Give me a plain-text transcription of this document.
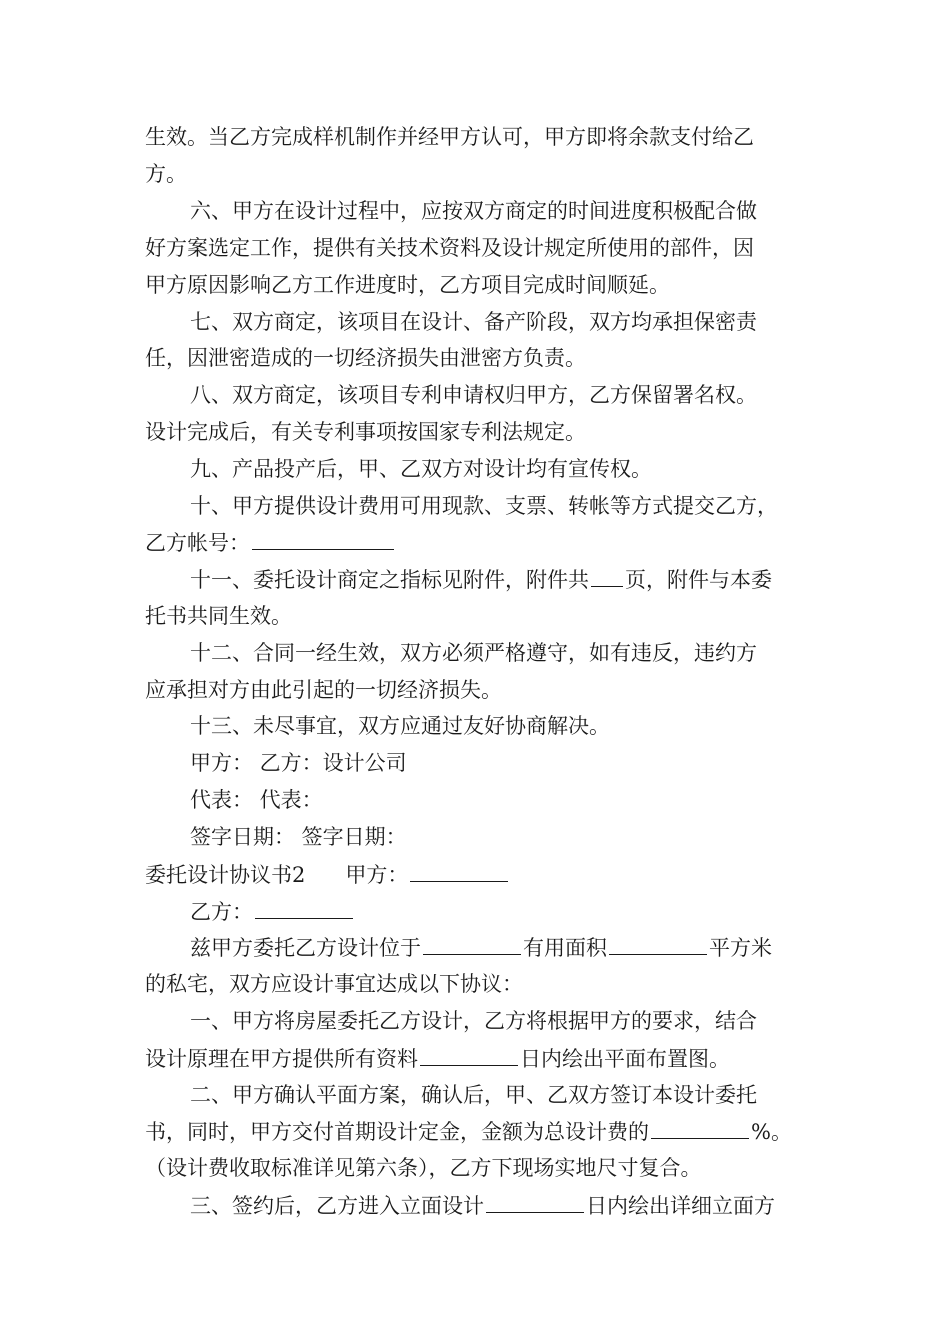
生效。当乙方完成样机制作并经甲方认可，甲方即将余款支付给乙
方。
六、甲方在设计过程中，应按双方商定的时间进度积极配合做
好方案选定工作，提供有关技术资料及设计规定所使用的部件，因
甲方原因影响乙方工作进度时，乙方项目完成时间顺延。
七、双方商定，该项目在设计、备产阶段，双方均承担保密责
任，因泄密造成的一切经济损失由泄密方负责。
八、双方商定，该项目专利申请权归甲方，乙方保留署名权。
设计完成后，有关专利事项按国家专利法规定。
九、产品投产后，甲、乙双方对设计均有宣传权。
十、甲方提供设计费用可用现款、支票、转帐等方式提交乙方，
乙方帐号：
十一、委托设计商定之指标见附件，附件共 页，附件与本委
托书共同生效。
十二、合同一经生效，双方必须严格遵守，如有违反，违约方
应承担对方由此引起的一切经济损失。
十三、未尽事宜，双方应通过友好协商解决。
甲方： 乙方：设计公司
代表： 代表：
签字日期： 签字日期：
委托设计协议书2 甲方：
乙方：
兹甲方委托乙方设计位于	有用面积	平方米
的私宅，双方应设计事宜达成以下协议：
一、甲方将房屋委托乙方设计，乙方将根据甲方的要求，结合
设计原理在甲方提供所有资料	日内绘出平面布置图。
二、甲方确认平面方案，确认后，甲、乙双方签订本设计委托
书，同时，甲方交付首期设计定金，金额为总设计费的	%。
（设计费收取标准详见第六条），乙方下现场实地尺寸复合。
三、签约后，乙方进入立面设计	日内绘出详细立面方
